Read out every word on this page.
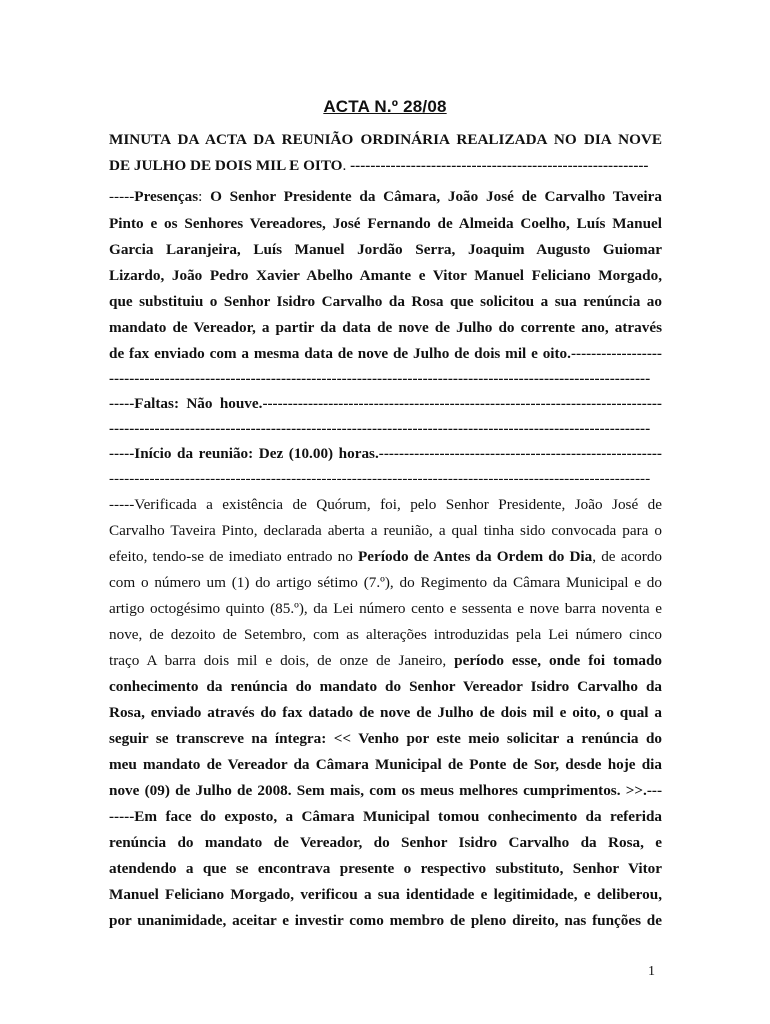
ACTA N.º 28/08
MINUTA DA ACTA DA REUNIÃO ORDINÁRIA REALIZADA NO DIA NOVE
DE JULHO DE DOIS MIL E OITO. -----------------------------------------------------------
-----Presenças: O Senhor Presidente da Câmara, João José de Carvalho Taveira
Pinto e os Senhores Vereadores, José Fernando de Almeida Coelho, Luís Manuel
Garcia Laranjeira, Luís Manuel Jordão Serra, Joaquim Augusto Guiomar
Lizardo, João Pedro Xavier Abelho Amante e Vitor Manuel Feliciano Morgado,
que substituiu o Senhor Isidro Carvalho da Rosa que solicitou a sua renúncia ao
mandato de Vereador, a partir da data de nove de Julho do corrente ano, através
de fax enviado com a mesma data de nove de Julho de dois mil e oito.------------------
-----------------------------------------------------------------------------------------------------------
-----Faltas: Não houve.-------------------------------------------------------------------------------
-----------------------------------------------------------------------------------------------------------
-----Início da reunião: Dez (10.00) horas.--------------------------------------------------------
-----------------------------------------------------------------------------------------------------------
-----Verificada a existência de Quórum, foi, pelo Senhor Presidente, João José de
Carvalho Taveira Pinto, declarada aberta a reunião, a qual tinha sido convocada para o
efeito, tendo-se de imediato entrado no Período de Antes da Ordem do Dia, de acordo
com o número um (1) do artigo sétimo (7.º), do Regimento da Câmara Municipal e do
artigo octogésimo quinto (85.º), da Lei número cento e sessenta e nove barra noventa e
nove, de dezoito de Setembro, com as alterações introduzidas pela Lei número cinco
traço A barra dois mil e dois, de onze de Janeiro, período esse, onde foi tomado
conhecimento da renúncia do mandato do Senhor Vereador Isidro Carvalho da
Rosa, enviado através do fax datado de nove de Julho de dois mil e oito, o qual a
seguir se transcreve na íntegra: << Venho por este meio solicitar a renúncia do
meu mandato de Vereador da Câmara Municipal de Ponte de Sor, desde hoje dia
nove (09) de Julho de 2008. Sem mais, com os meus melhores cumprimentos. >>.---
-----Em face do exposto, a Câmara Municipal tomou conhecimento da referida
renúncia do mandato de Vereador, do Senhor Isidro Carvalho da Rosa, e
atendendo a que se encontrava presente o respectivo substituto, Senhor Vitor
Manuel Feliciano Morgado, verificou a sua identidade e legitimidade, e deliberou,
por unanimidade, aceitar e investir como membro de pleno direito, nas funções de
1
